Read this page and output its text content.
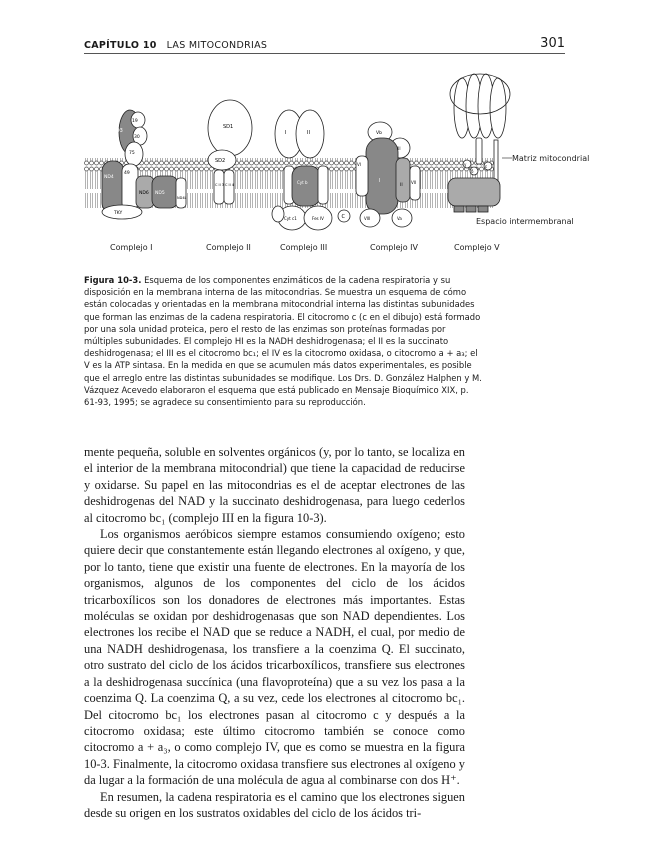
CAPÍTULO 10 LAS MITOCONDRIAS	301
ND3
19
30
75
ND4
49
ND6 ND5
ND4L
TKY
SD1
SD2
C II 3 C II 4
I	II
Cyt b
Cyt c1	Fes IV	C
Vb
VI
VII
I
II
III
Va
VIII
γ
δ
ε
Matriz mitocondrial
Espacio intermembranal
Complejo I	Complejo II	Complejo III	Complejo IV	Complejo V
Figura 10-3. Esquema de los componentes enzimáticos de la cadena respiratoria y su disposición en la membrana interna de las mitocondrias. Se muestra un esquema de cómo están colocadas y orientadas en la membrana mitocondrial interna las distintas subunidades que forman las enzimas de la cadena respiratoria. El citocromo c (c en el dibujo) está formado por una sola unidad proteica, pero el resto de las enzimas son proteínas formadas por múltiples subunidades. El complejo HI es la NADH deshidrogenasa; el II es la succinato deshidrogenasa; el III es el citocromo bc₁; el IV es la citocromo oxidasa, o citocromo a + a₃; el V es la ATP sintasa. En la medida en que se acumulen más datos experimentales, es posible que el arreglo entre las distintas subunidades se modifique. Los Drs. D. González Halphen y M. Vázquez Acevedo elaboraron el esquema que está publicado en Mensaje Bioquímico XIX, p. 61-93, 1995; se agradece su consentimiento para su reproducción.

mente pequeña, soluble en solventes orgánicos (y, por lo tanto, se localiza en el interior de la membrana mitocondrial) que tiene la capacidad de reducirse y oxidarse. Su papel en las mitocondrias es el de aceptar electrones de las deshidrogenas del NAD y la succinato deshidrogenasa, para luego cederlos al citocromo bc₁ (complejo III en la figura 10-3).

Los organismos aeróbicos siempre estamos consumiendo oxígeno; esto quiere decir que constantemente están llegando electrones al oxígeno, y que, por lo tanto, tiene que existir una fuente de electrones. En la mayoría de los organismos, algunos de los componentes del ciclo de los ácidos tricarboxílicos son los donadores de electrones más importantes. Estas moléculas se oxidan por deshidrogenasas que son NAD dependientes. Los electrones los recibe el NAD que se reduce a NADH, el cual, por medio de una NADH deshidrogenasa, los transfiere a la coenzima Q. El succinato, otro sustrato del ciclo de los ácidos tricarboxílicos, transfiere sus electrones a la deshidrogenasa succínica (una flavoproteína) que a su vez los pasa a la coenzima Q. La coenzima Q, a su vez, cede los electrones al citocromo bc₁. Del citocromo bc₁ los electrones pasan al citocromo c y después a la citocromo oxidasa; este último citocromo también se conoce como citocromo a + a₃, o como complejo IV, que es como se muestra en la figura 10-3. Finalmente, la citocromo oxidasa transfiere sus electrones al oxígeno y da lugar a la formación de una molécula de agua al combinarse con dos H⁺.

En resumen, la cadena respiratoria es el camino que los electrones siguen desde su origen en los sustratos oxidables del ciclo de los ácidos tri-
